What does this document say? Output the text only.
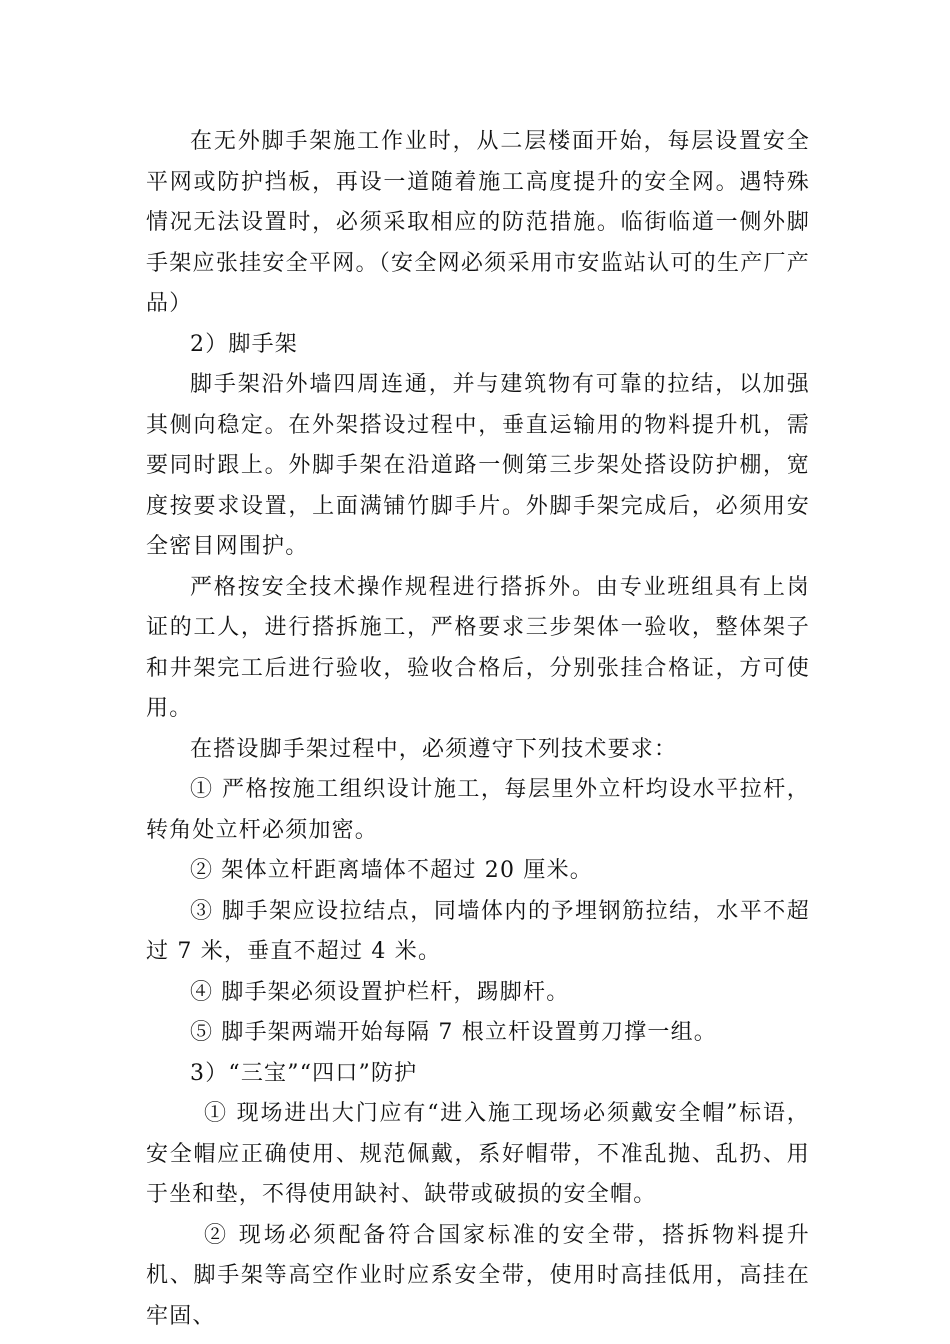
在无外脚手架施工作业时，从二层楼面开始，每层设置安全平网或防护挡板，再设一道随着施工高度提升的安全网。遇特殊情况无法设置时，必须采取相应的防范措施。临街临道一侧外脚手架应张挂安全平网。（安全网必须采用市安监站认可的生产厂产品）

2）脚手架

脚手架沿外墙四周连通，并与建筑物有可靠的拉结，以加强其侧向稳定。在外架搭设过程中，垂直运输用的物料提升机，需要同时跟上。外脚手架在沿道路一侧第三步架处搭设防护棚，宽度按要求设置，上面满铺竹脚手片。外脚手架完成后，必须用安全密目网围护。

严格按安全技术操作规程进行搭拆外。由专业班组具有上岗证的工人，进行搭拆施工，严格要求三步架体一验收，整体架子和井架完工后进行验收，验收合格后，分别张挂合格证，方可使用。

在搭设脚手架过程中，必须遵守下列技术要求：

① 严格按施工组织设计施工，每层里外立杆均设水平拉杆，转角处立杆必须加密。

② 架体立杆距离墙体不超过 20 厘米。

③ 脚手架应设拉结点，同墙体内的予埋钢筋拉结，水平不超过 7 米，垂直不超过 4 米。

④ 脚手架必须设置护栏杆，踢脚杆。

⑤ 脚手架两端开始每隔 7 根立杆设置剪刀撑一组。

3）“三宝”“四口”防护

① 现场进出大门应有“进入施工现场必须戴安全帽”标语，安全帽应正确使用、规范佩戴，系好帽带，不准乱抛、乱扔、用于坐和垫，不得使用缺衬、缺带或破损的安全帽。

② 现场必须配备符合国家标准的安全带，搭拆物料提升机、脚手架等高空作业时应系安全带，使用时高挂低用，高挂在牢固、
